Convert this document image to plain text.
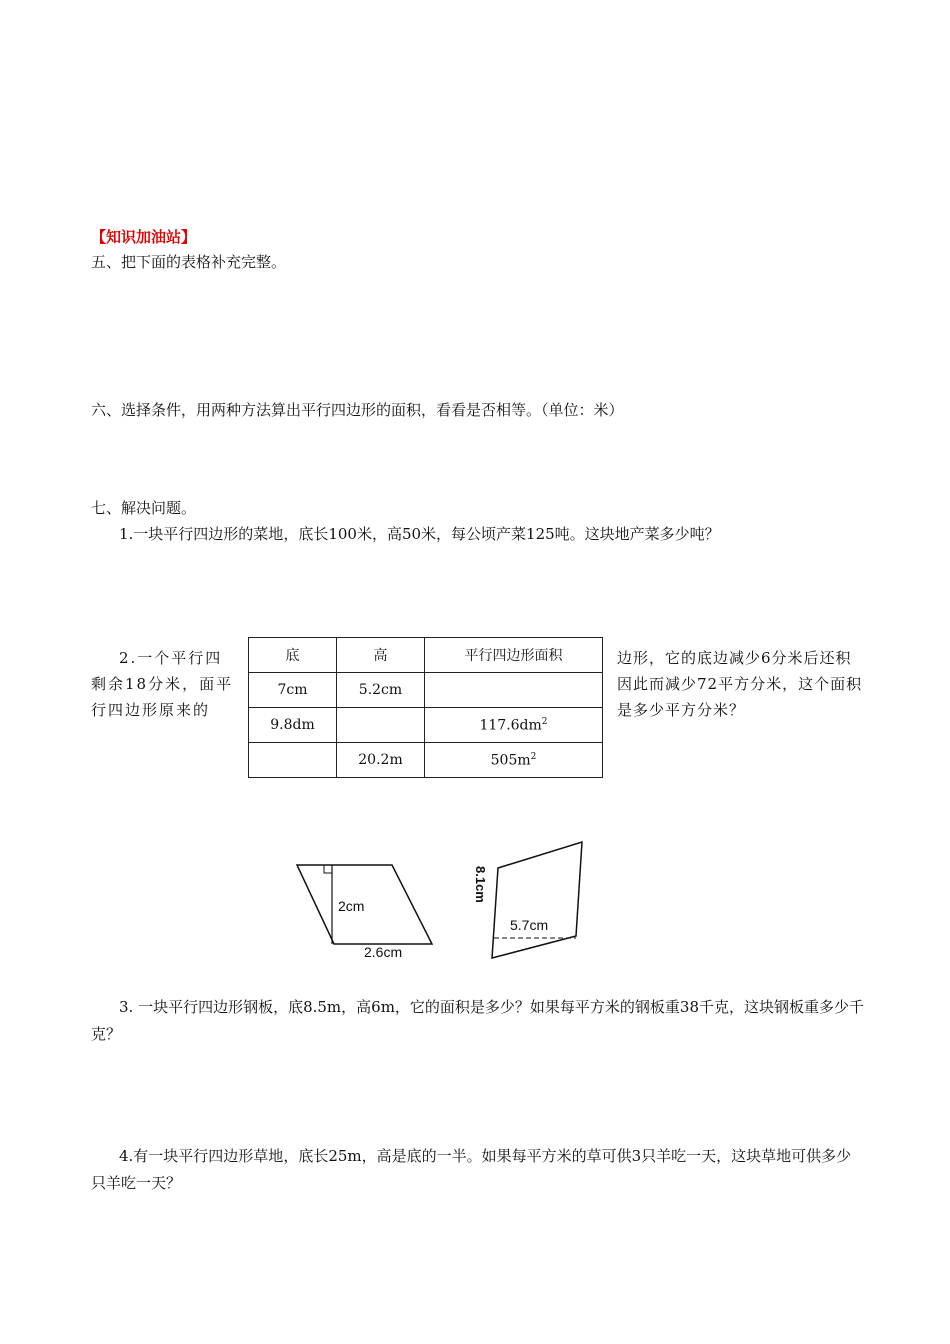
【知识加油站】
五、把下面的表格补充完整。
六、选择条件，用两种方法算出平行四边形的面积，看看是否相等。（单位：米）
七、解决问题。
1.一块平行四边形的菜地，底长100米，高50米，每公顷产菜125吨。这块地产菜多少吨？
2.一个平行四剩余18分米，面平行四边形原来的
底	高	平行四边形面积
7cm	5.2cm	
9.8dm		$117.6dm^2$
	20.2m	$505m^2$
边形，它的底边减少6分米后还积因此而减少72平方分米，这个面积是多少平方分米？
2cm
2.6cm
5.7cm
8.1cm
3. 一块平行四边形钢板，底8.5m，高6m，它的面积是多少？如果每平方米的钢板重38千克，这块钢板重多少千克？
4.有一块平行四边形草地，底长25m，高是底的一半。如果每平方米的草可供3只羊吃一天，这块草地可供多少只羊吃一天？
